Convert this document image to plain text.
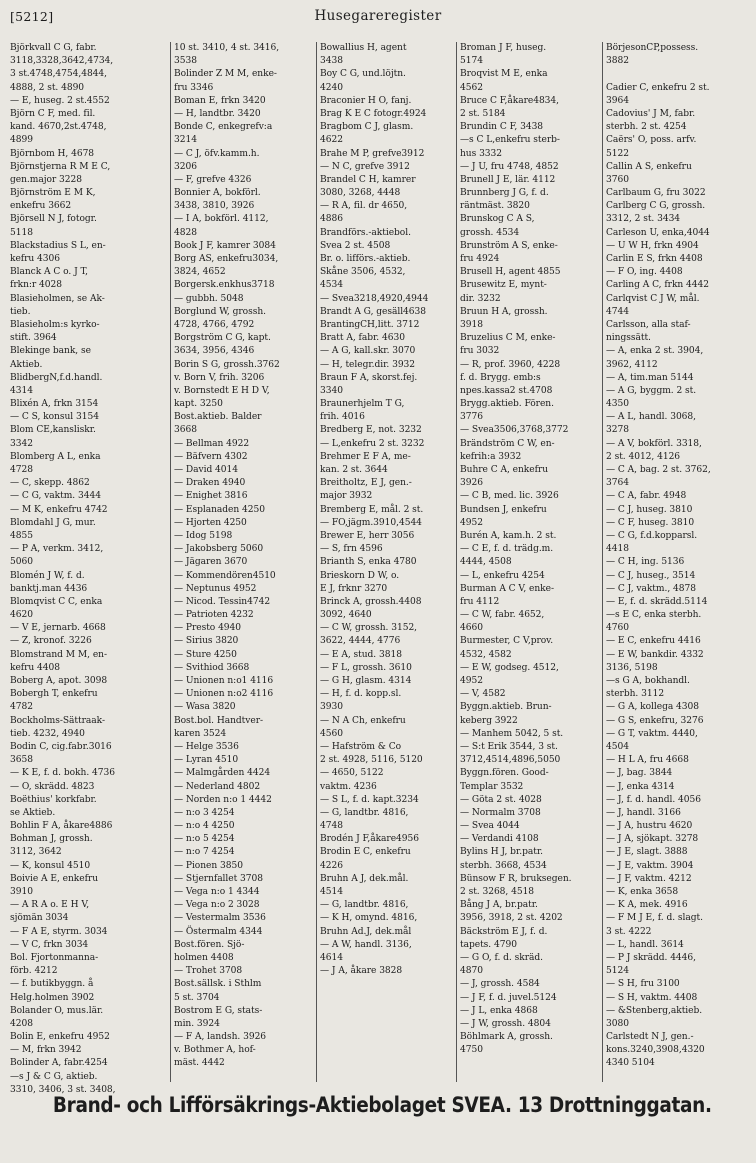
[5212]	Husegareregister
Björkvall C G, fabr.
3118,3328,3642,4734,
3 st.4748,4754,4844,
4888, 2 st. 4890
— E, huseg. 2 st.4552
Björn C F, med. fil.
kand. 4670,2st.4748,
4899
Björnbom H, 4678
Björnstjerna R M E C,
gen.major 3228
Björnström E M K,
enkefru 3662
Björsell N J, fotogr.
5118
Blackstadius S L, en-
kefru 4306
Blanck A C o. J T,
frkn:r 4028
Blasieholmen, se Ak-
tieb.
Blasieholm:s kyrko-
stift. 3964
Blekinge bank, se
Aktieb.
BlidbergN,f.d.handl.
4314
Blixén A, frkn 3154
— C S, konsul 3154
Blom CE,kansliskr.
3342
Blomberg A L, enka
4728
— C, skepp. 4862
— C G, vaktm. 3444
— M K, enkefru 4742
Blomdahl J G, mur.
4855
— P A, verkm. 3412,
5060
Blomén J W, f. d.
banktj.man 4436
Blomqvist C C, enka
4620
— V E, jernarb. 4668
— Z, kronof. 3226
Blomstrand M M, en-
kefru 4408
Boberg A, apot. 3098
Bobergh T, enkefru
4782
Bockholms-Sättraak-
tieb. 4232, 4940
Bodin C, cig.fabr.3016
3658
— K E, f. d. bokh. 4736
— O, skrädd. 4823
Boëthius' korkfabr.
se Aktieb.
Bohlin F A, åkare4886
Bohman J, grossh.
3112, 3642
— K, konsul 4510
Boivie A E, enkefru
3910
— A R A o. E H V,
sjömän 3034
— F A E, styrm. 3034
— V C, frkn 3034
Bol. Fjortonmanna-
förb. 4212
— f. butikbyggn. å
Helg.holmen 3902
Bolander O, mus.lär.
4208
Bolin E, enkefru 4952
— M, frkn 3942
Bolinder A, fabr.4254
—s J & C G, aktieb.
3310, 3406, 3 st. 3408,
10 st. 3410, 4 st. 3416,
3538
Bolinder Z M M, enke-
fru 3346
Boman E, frkn 3420
— H, landtbr. 3420
Bonde C, enkegrefv:a
3214
— C J, öfv.kamm.h.
3206
— F, grefve 4326
Bonnier A, bokförl.
3438, 3810, 3926
— I A, bokförl. 4112,
4828
Book J F, kamrer 3084
Borg AS, enkefru3034,
3824, 4652
Borgersk.enkhus3718
— gubbh. 5048
Borglund W, grossh.
4728, 4766, 4792
Borgström C G, kapt.
3634, 3956, 4346
Borin S G, grossh.3762
v. Born V, frih. 3206
v. Bornstedt E H D V,
kapt. 3250
Bost.aktieb. Balder
3668
— Bellman 4922
— Bäfvern 4302
— David 4014
— Draken 4940
— Enighet 3816
— Esplanaden 4250
— Hjorten 4250
— Idog 5198
— Jakobsberg 5060
— Jägaren 3670
— Kommendören4510
— Neptunus 4952
— Nicod. Tessin4742
— Patrioten 4232
— Presto 4940
— Sirius 3820
— Sture 4250
— Svithiod 3668
— Unionen n:o1 4116
— Unionen n:o2 4116
— Wasa 3820
Bost.bol. Handtver-
karen 3524
— Helge 3536
— Lyran 4510
— Malmgården 4424
— Nederland 4802
— Norden n:o 1 4442
— n:o 3 4254
— n:o 4 4250
— n:o 5 4254
— n:o 7 4254
— Pionen 3850
— Stjernfallet 3708
— Vega n:o 1 4344
— Vega n:o 2 3028
— Vestermalm 3536
— Östermalm 4344
Bost.fören. Sjö-
holmen 4408
— Trohet 3708
Bost.sällsk. i Sthlm
5 st. 3704
Bostrom E G, stats-
min. 3924
— F A, landsh. 3926
v. Bothmer A, hof-
mäst. 4442
Bowallius H, agent
3438
Boy C G, und.löjtn.
4240
Braconier H O, fanj.
Brag K E C fotogr.4924
Bragbom C J, glasm.
4622
Brahe M P, grefve3912
— N C, grefve 3912
Brandel C H, kamrer
3080, 3268, 4448
— R A, fil. dr 4650,
4886
Brandförs.-aktiebol.
Svea 2 st. 4508
Br. o. lifförs.-aktieb.
Skåne 3506, 4532,
4534
— Svea3218,4920,4944
Brandt A G, gesäll4638
BrantingCH,litt. 3712
Bratt A, fabr. 4630
— A G, kall.skr. 3070
— H, telegr.dir. 3932
Braun F A, skorst.fej.
3340
Braunerhjelm T G,
frih. 4016
Bredberg E, not. 3232
— L,enkefru 2 st. 3232
Brehmer E F A, me-
kan. 2 st. 3644
Breitholtz, E J, gen.-
major 3932
Bremberg E, mål. 2 st.
— FO,jägm.3910,4544
Brewer E, herr 3056
— S, frn 4596
Brianth S, enka 4780
Brieskorn D W, o.
E J, frknr 3270
Brinck A, grossh.4408
3092, 4640
— C W, grossh. 3152,
3622, 4444, 4776
— E A, stud. 3818
— F L, grossh. 3610
— G H, glasm. 4314
— H, f. d. kopp.sl.
3930
— N A Ch, enkefru
4560
— Hafström & Co
2 st. 4928, 5116, 5120
— 4650, 5122
vaktm. 4236
— S L, f. d. kapt.3234
— G, landtbr. 4816,
4748
Brodén J F,åkare4956
Brodin E C, enkefru
4226
Bruhn A J, dek.mål.
4514
— G, landtbr. 4816,
— K H, omynd. 4816,
Bruhn Ad.J, dek.mål
— A W, handl. 3136,
4614
— J A, åkare 3828
Broman J F, huseg.
5174
Broqvist M E, enka
4562
Bruce C F,åkare4834,
2 st. 5184
Brundin C F, 3438
—s C L,enkefru sterb-
hus 3332
— J U, fru 4748, 4852
Brunell J E, lär. 4112
Brunnberg J G, f. d.
räntmäst. 3820
Brunskog C A S,
grossh. 4534
Brunström A S, enke-
fru 4924
Brusell H, agent 4855
Brusewitz E, mynt-
dir. 3232
Bruun H A, grossh.
3918
Bruzelius C M, enke-
fru 3032
— R, prof. 3960, 4228
f. d. Brygg. emb:s
npes.kassa2 st.4708
Brygg.aktieb. Fören.
3776
— Svea3506,3768,3772
Brändström C W, en-
kefrih:a 3932
Buhre C A, enkefru
3926
— C B, med. lic. 3926
Bundsen J, enkefru
4952
Burén A, kam.h. 2 st.
— C E, f. d. trädg.m.
4444, 4508
— L, enkefru 4254
Burman A C V, enke-
fru 4112
— C W, fabr. 4652,
4660
Burmester, C V,prov.
4532, 4582
— E W, godseg. 4512,
4952
— V, 4582
Byggn.aktieb. Brun-
keberg 3922
— Manhem 5042, 5 st.
— S:t Erik 3544, 3 st.
3712,4514,4896,5050
Byggn.fören. Good-
Templar 3532
— Göta 2 st. 4028
— Normalm 3708
— Svea 4044
— Verdandi 4108
Bylins H J, br.patr.
sterbh. 3668, 4534
Bünsow F R, bruksegen.
2 st. 3268, 4518
Bång J A, br.patr.
3956, 3918, 2 st. 4202
Bäckström E J, f. d.
tapets. 4790
— G O, f. d. skräd.
4870
— J, grossh. 4584
— J F, f. d. juvel.5124
— J L, enka 4868
— J W, grossh. 4804
Böhlmark A, grossh.
4750
BörjesonCP,possess.
3882
Cadier C, enkefru 2 st.
3964
Cadovius' J M, fabr.
sterbh. 2 st. 4254
Caërs' O, poss. arfv.
5122
Callin A S, enkefru
3760
Carlbaum G, fru 3022
Carlberg C G, grossh.
3312, 2 st. 3434
Carleson U, enka,4044
— U W H, frkn 4904
Carlin E S, frkn 4408
— F O, ing. 4408
Carling A C, frkn 4442
Carlqvist C J W, mål.
4744
Carlsson, alla staf-
ningssätt.
— A, enka 2 st. 3904,
3962, 4112
— A, tim.man 5144
— A G, byggm. 2 st.
4350
— A L, handl. 3068,
3278
— A V, bokförl. 3318,
2 st. 4012, 4126
— C A, bag. 2 st. 3762,
3764
— C A, fabr. 4948
— C J, huseg. 3810
— C F, huseg. 3810
— C G, f.d.kopparsl.
4418
— C H, ing. 5136
— C J, huseg., 3514
— C J, vaktm., 4878
— E, f. d. skrädd.5114
—s E C, enka sterbh.
4760
— E C, enkefru 4416
— E W, bankdir. 4332
3136, 5198
—s G A, bokhandl.
sterbh. 3112
— G A, kollega 4308
— G S, enkefru, 3276
— G T, vaktm. 4440,
4504
— H L A, fru 4668
— J, bag. 3844
— J, enka 4314
— J, f. d. handl. 4056
— J, handl. 3166
— J A, hustru 4620
— J A, sjökapt. 3278
— J E, slagt. 3888
— J E, vaktm. 3904
— J F, vaktm. 4212
— K, enka 3658
— K A, mek. 4916
— F M J E, f. d. slagt.
3 st. 4222
— L, handl. 3614
— P J skrädd. 4446,
5124
— S H, fru 3100
— S H, vaktm. 4408
— &Stenberg,aktieb.
3080
Carlstedt N J, gen.-
kons.3240,3908,4320
4340 5104
Brand- och Lifförsäkrings-Aktiebolaget SVEA. 13 Drottninggatan.
